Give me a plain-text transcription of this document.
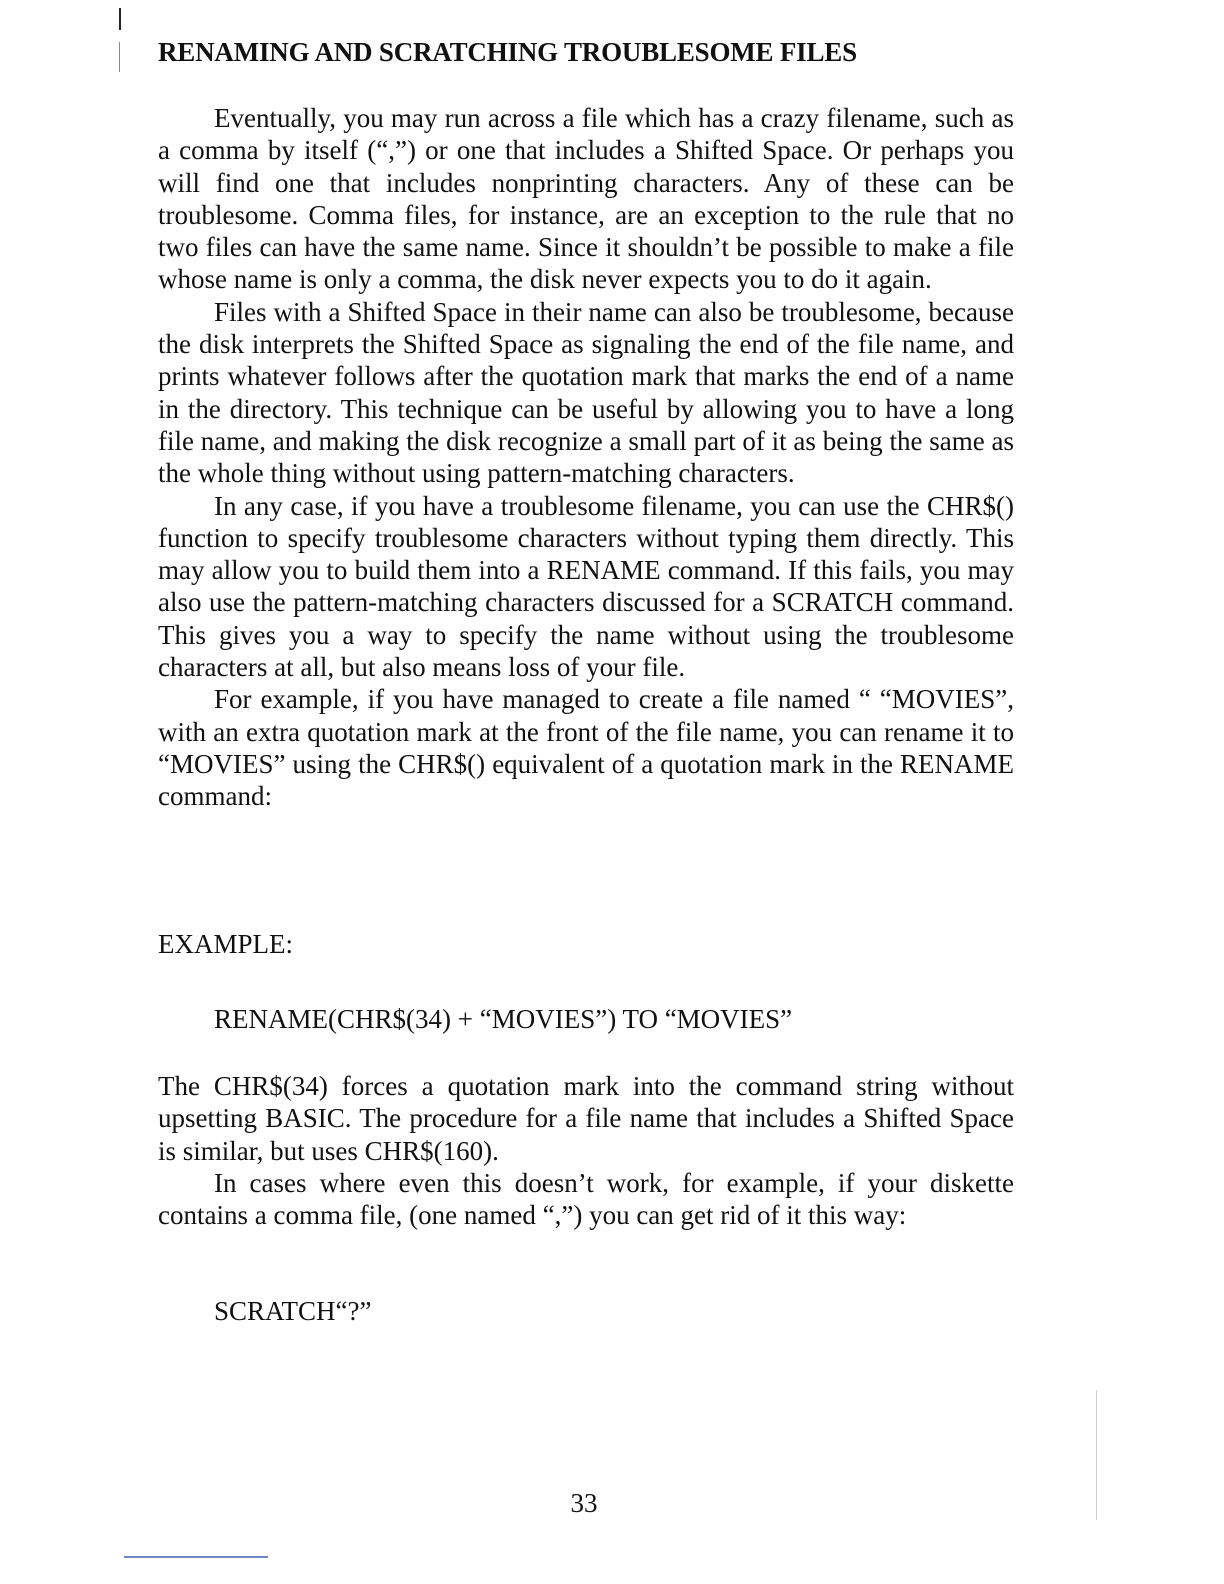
RENAMING AND SCRATCHING TROUBLESOME FILES

Eventually, you may run across a file which has a crazy filename, such as a comma by itself (“,”) or one that includes a Shifted Space. Or perhaps you will find one that includes nonprinting characters. Any of these can be troublesome. Comma files, for instance, are an exception to the rule that no two files can have the same name. Since it shouldn’t be possible to make a file whose name is only a comma, the disk never expects you to do it again.

Files with a Shifted Space in their name can also be troublesome, because the disk interprets the Shifted Space as signaling the end of the file name, and prints whatever follows after the quotation mark that marks the end of a name in the directory. This technique can be useful by allowing you to have a long file name, and making the disk recognize a small part of it as being the same as the whole thing without using pattern-matching characters.

In any case, if you have a troublesome filename, you can use the CHR$() function to specify troublesome characters without typing them directly. This may allow you to build them into a RENAME command. If this fails, you may also use the pattern-matching characters discussed for a SCRATCH command. This gives you a way to specify the name without using the troublesome characters at all, but also means loss of your file.

For example, if you have managed to create a file named “ “MOVIES”, with an extra quotation mark at the front of the file name, you can rename it to “MOVIES” using the CHR$() equivalent of a quotation mark in the RENAME command:

EXAMPLE:

RENAME(CHR$(34) + “MOVIES”) TO “MOVIES”

The CHR$(34) forces a quotation mark into the command string without upsetting BASIC. The procedure for a file name that includes a Shifted Space is similar, but uses CHR$(160).

In cases where even this doesn’t work, for example, if your diskette contains a comma file, (one named “,”) you can get rid of it this way:

SCRATCH“?”

33
